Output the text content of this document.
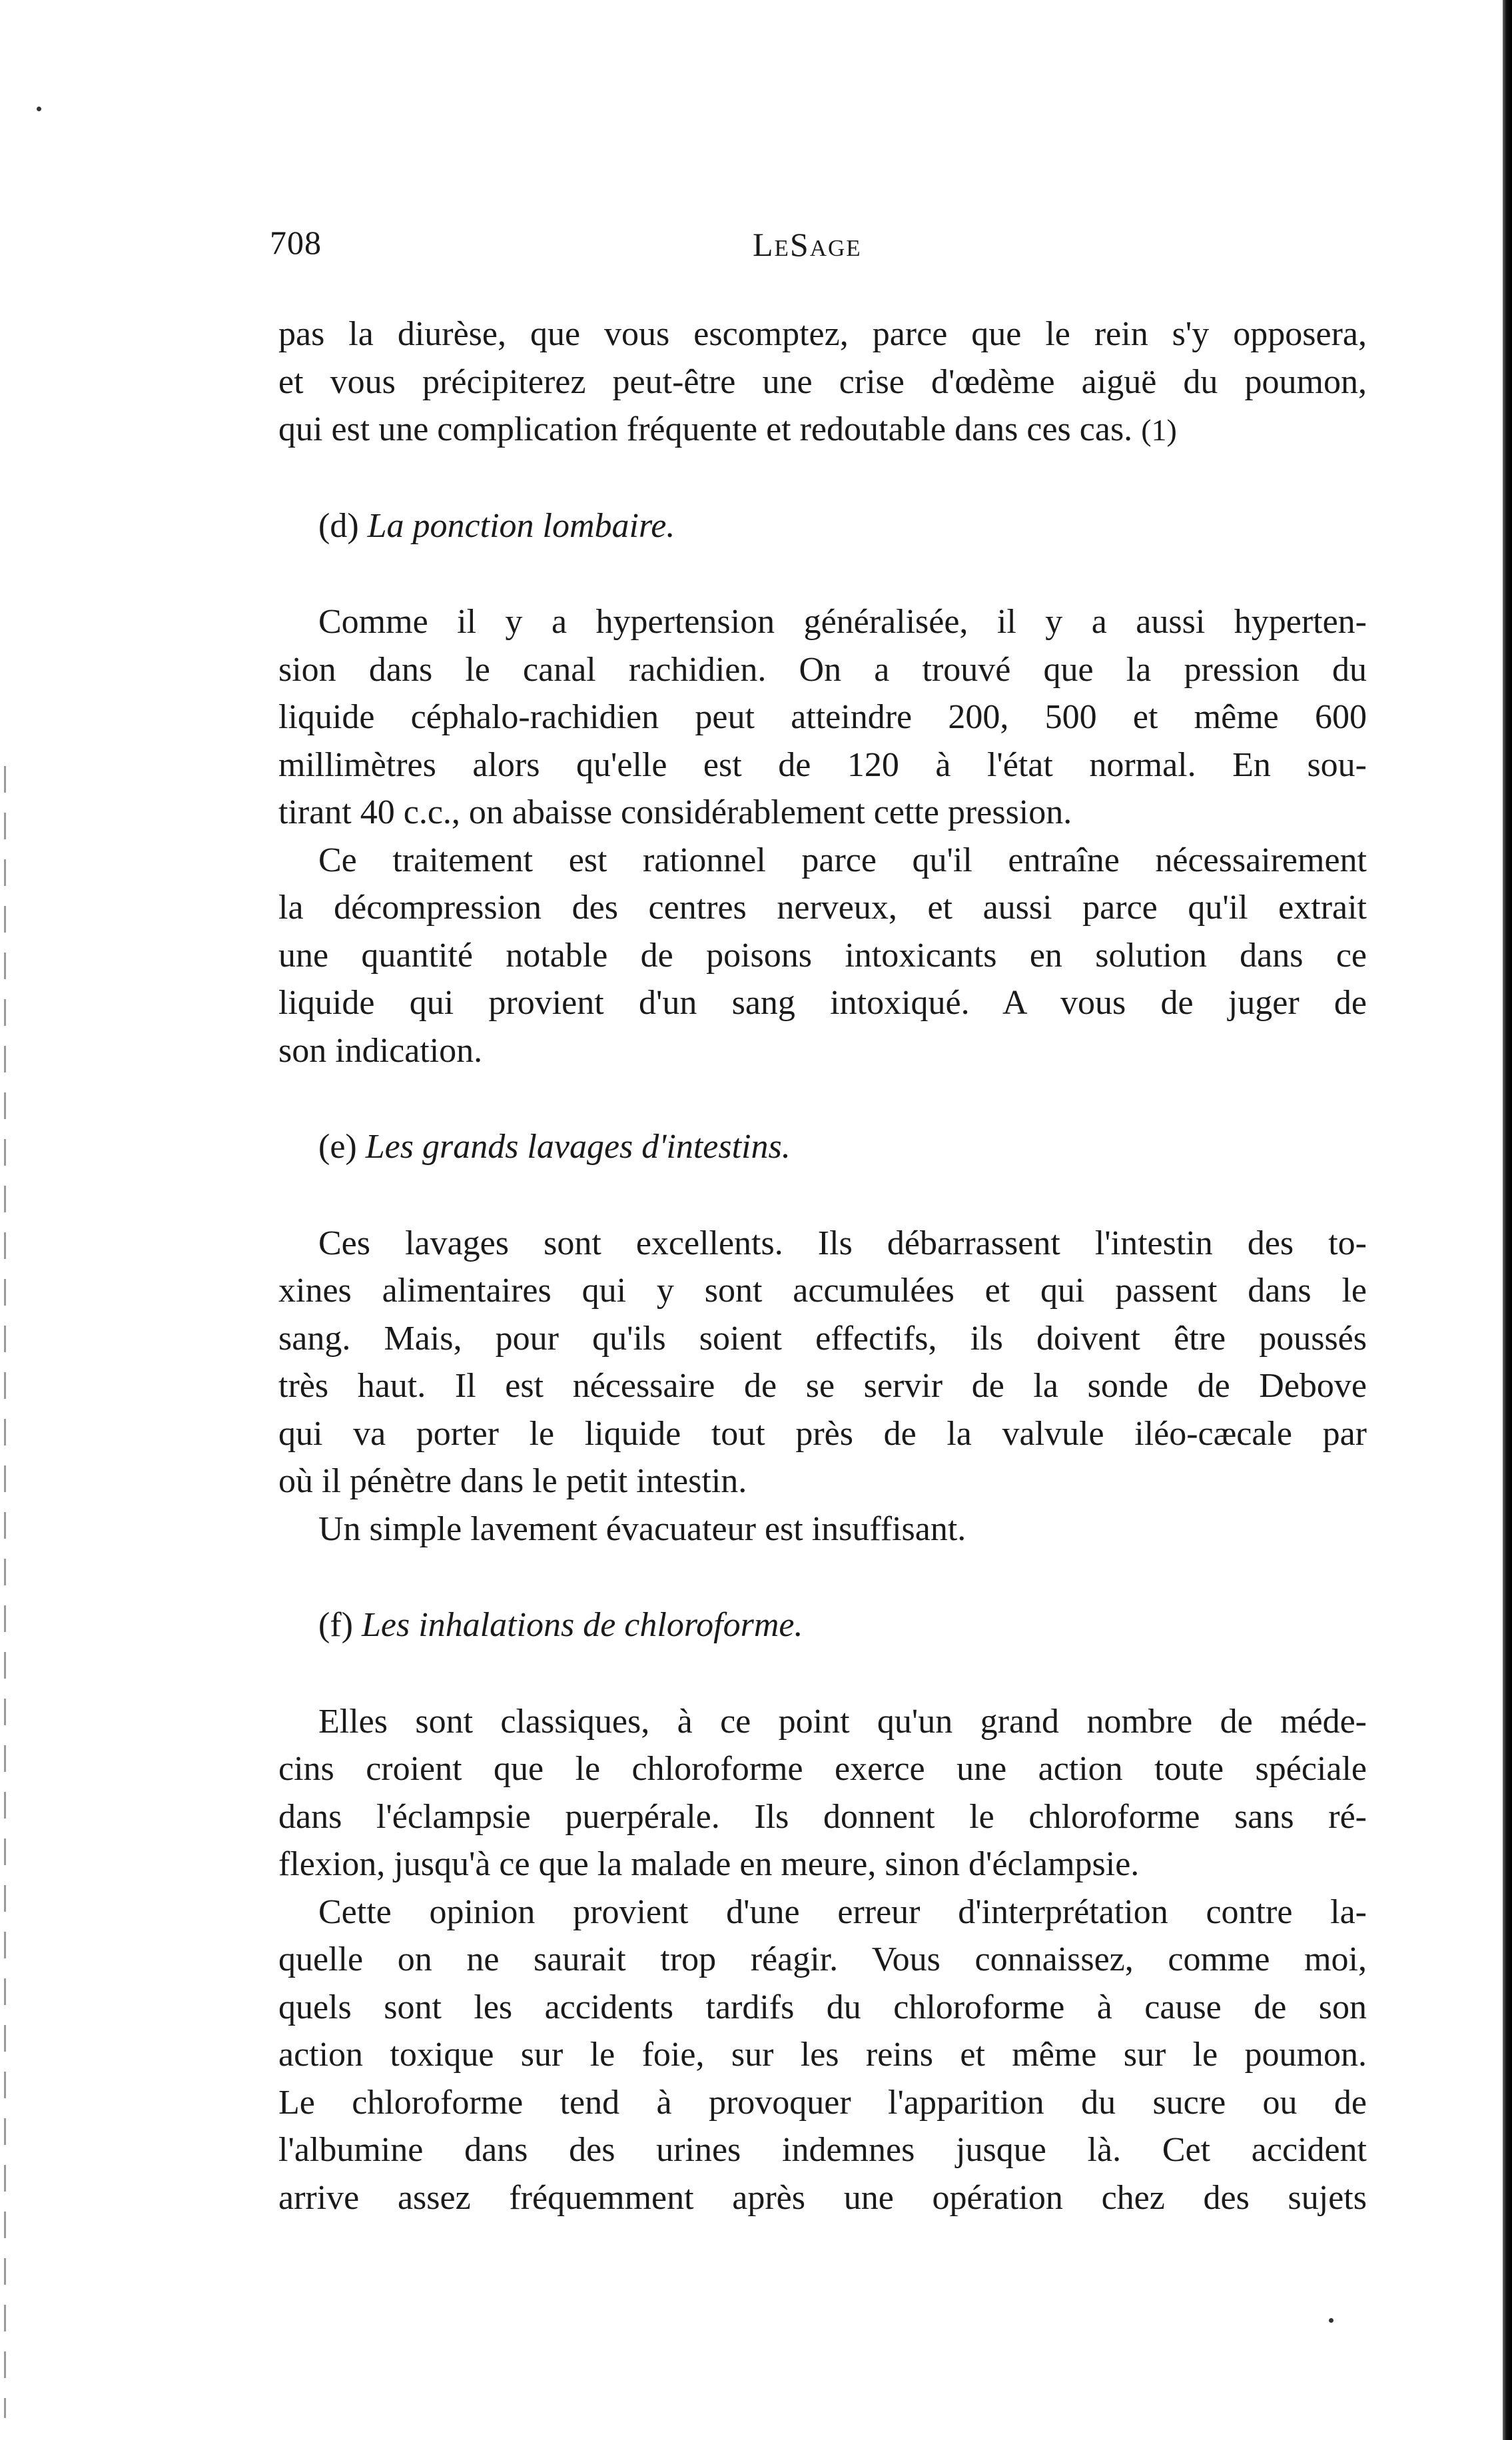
708	LeSage
pas la diurèse, que vous escomptez, parce que le rein s'y opposera,
et vous précipiterez peut-être une crise d'œdème aiguë du poumon,
qui est une complication fréquente et redoutable dans ces cas. (1)
(d) La ponction lombaire.
Comme il y a hypertension généralisée, il y a aussi hyperten-
sion dans le canal rachidien. On a trouvé que la pression du
liquide céphalo-rachidien peut atteindre 200, 500 et même 600
millimètres alors qu'elle est de 120 à l'état normal. En sou-
tirant 40 c.c., on abaisse considérablement cette pression.
Ce traitement est rationnel parce qu'il entraîne nécessairement
la décompression des centres nerveux, et aussi parce qu'il extrait
une quantité notable de poisons intoxicants en solution dans ce
liquide qui provient d'un sang intoxiqué. A vous de juger de
son indication.
(e) Les grands lavages d'intestins.
Ces lavages sont excellents. Ils débarrassent l'intestin des to-
xines alimentaires qui y sont accumulées et qui passent dans le
sang. Mais, pour qu'ils soient effectifs, ils doivent être poussés
très haut. Il est nécessaire de se servir de la sonde de Debove
qui va porter le liquide tout près de la valvule iléo-cæcale par
où il pénètre dans le petit intestin.
Un simple lavement évacuateur est insuffisant.
(f) Les inhalations de chloroforme.
Elles sont classiques, à ce point qu'un grand nombre de méde-
cins croient que le chloroforme exerce une action toute spéciale
dans l'éclampsie puerpérale. Ils donnent le chloroforme sans ré-
flexion, jusqu'à ce que la malade en meure, sinon d'éclampsie.
Cette opinion provient d'une erreur d'interprétation contre la-
quelle on ne saurait trop réagir. Vous connaissez, comme moi,
quels sont les accidents tardifs du chloroforme à cause de son
action toxique sur le foie, sur les reins et même sur le poumon.
Le chloroforme tend à provoquer l'apparition du sucre ou de
l'albumine dans des urines indemnes jusque là. Cet accident
arrive assez fréquemment après une opération chez des sujets
